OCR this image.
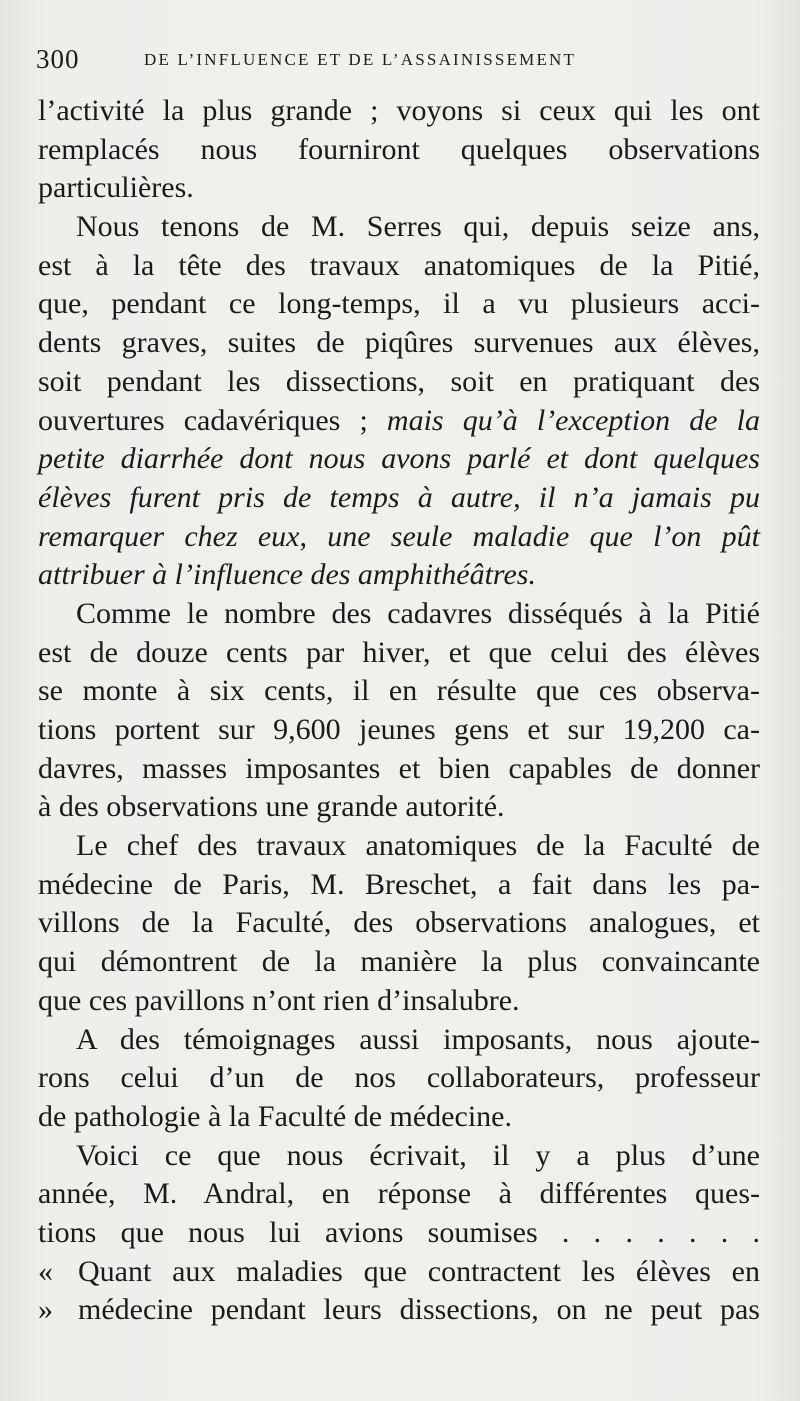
300	DE L’INFLUENCE ET DE L’ASSAINISSEMENT
l’activité la plus grande ; voyons si ceux qui les ont
remplacés nous fourniront quelques observations
particulières.
Nous tenons de M. Serres qui, depuis seize ans,
est à la tête des travaux anatomiques de la Pitié,
que, pendant ce long-temps, il a vu plusieurs acci-
dents graves, suites de piqûres survenues aux élèves,
soit pendant les dissections, soit en pratiquant des
ouvertures cadavériques ; mais qu’à l’exception de la
petite diarrhée dont nous avons parlé et dont quelques
élèves furent pris de temps à autre, il n’a jamais pu
remarquer chez eux, une seule maladie que l’on pût
attribuer à l’influence des amphithéâtres.
Comme le nombre des cadavres disséqués à la Pitié
est de douze cents par hiver, et que celui des élèves
se monte à six cents, il en résulte que ces observa-
tions portent sur 9,600 jeunes gens et sur 19,200 ca-
davres, masses imposantes et bien capables de donner
à des observations une grande autorité.
Le chef des travaux anatomiques de la Faculté de
médecine de Paris, M. Breschet, a fait dans les pa-
villons de la Faculté, des observations analogues, et
qui démontrent de la manière la plus convaincante
que ces pavillons n’ont rien d’insalubre.
A des témoignages aussi imposants, nous ajoute-
rons celui d’un de nos collaborateurs, professeur
de pathologie à la Faculté de médecine.
Voici ce que nous écrivait, il y a plus d’une
année, M. Andral, en réponse à différentes ques-
tions que nous lui avions soumises . . . . . . .
« Quant aux maladies que contractent les élèves en
» médecine pendant leurs dissections, on ne peut pas
